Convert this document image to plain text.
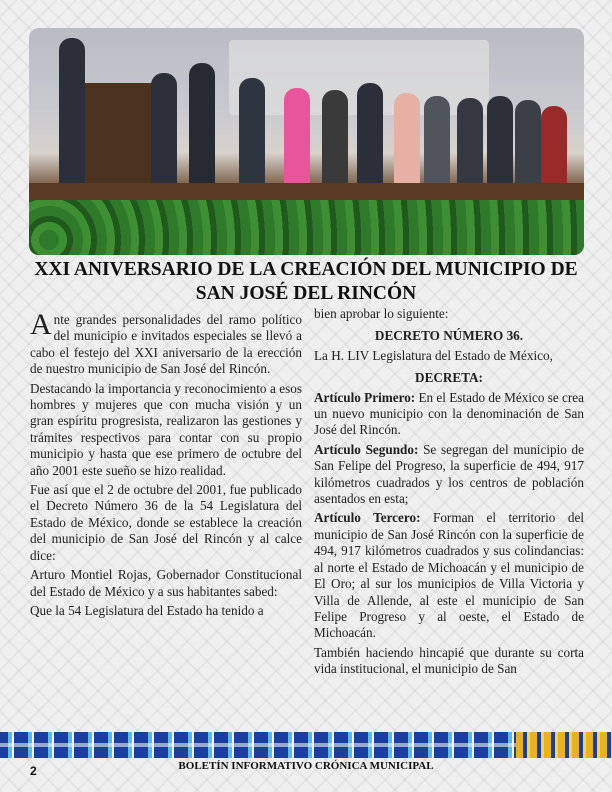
XXI ANIVERSARIO DE LA CREACIÓN DEL MUNICIPIO DE SAN JOSÉ DEL RINCÓN

Ante grandes personalidades del ramo político del municipio e invitados especiales se llevó a cabo el festejo del XXI aniversario de la erección de nuestro municipio de San José del Rincón.

Destacando la importancia y reconocimiento a esos hombres y mujeres que con mucha visión y un gran espíritu progresista, realizaron las gestiones y trámites respectivos para contar con su propio municipio y hasta que ese primero de octubre del año 2001 este sueño se hizo realidad.

Fue así que el 2 de octubre del 2001, fue publicado el Decreto Número 36 de la 54 Legislatura del Estado de México, donde se establece la creación del municipio de San José del Rincón y al calce dice:

Arturo Montiel Rojas, Gobernador Constitucional del Estado de México y a sus habitantes sabed:

Que la 54 Legislatura del Estado ha tenido a

bien aprobar lo siguiente:

DECRETO NÚMERO 36.

La H. LIV Legislatura del Estado de México,

DECRETA:

Artículo Primero: En el Estado de México se crea un nuevo municipio con la denominación de San José del Rincón.

Artículo Segundo: Se segregan del municipio de San Felipe del Progreso, la superficie de 494, 917 kilómetros cuadrados y los centros de población asentados en esta;

Artículo Tercero: Forman el territorio del municipio de San José Rincón con la superficie de 494, 917 kilómetros cuadrados y sus colindancias: al norte el Estado de Michoacán y el municipio de El Oro; al sur los municipios de Villa Victoria y Villa de Allende, al este el municipio de San Felipe Progreso y al oeste, el Estado de Michoacán.

También haciendo hincapié que durante su corta vida institucional, el municipio de San

2	BOLETÍN INFORMATIVO CRÓNICA MUNICIPAL
